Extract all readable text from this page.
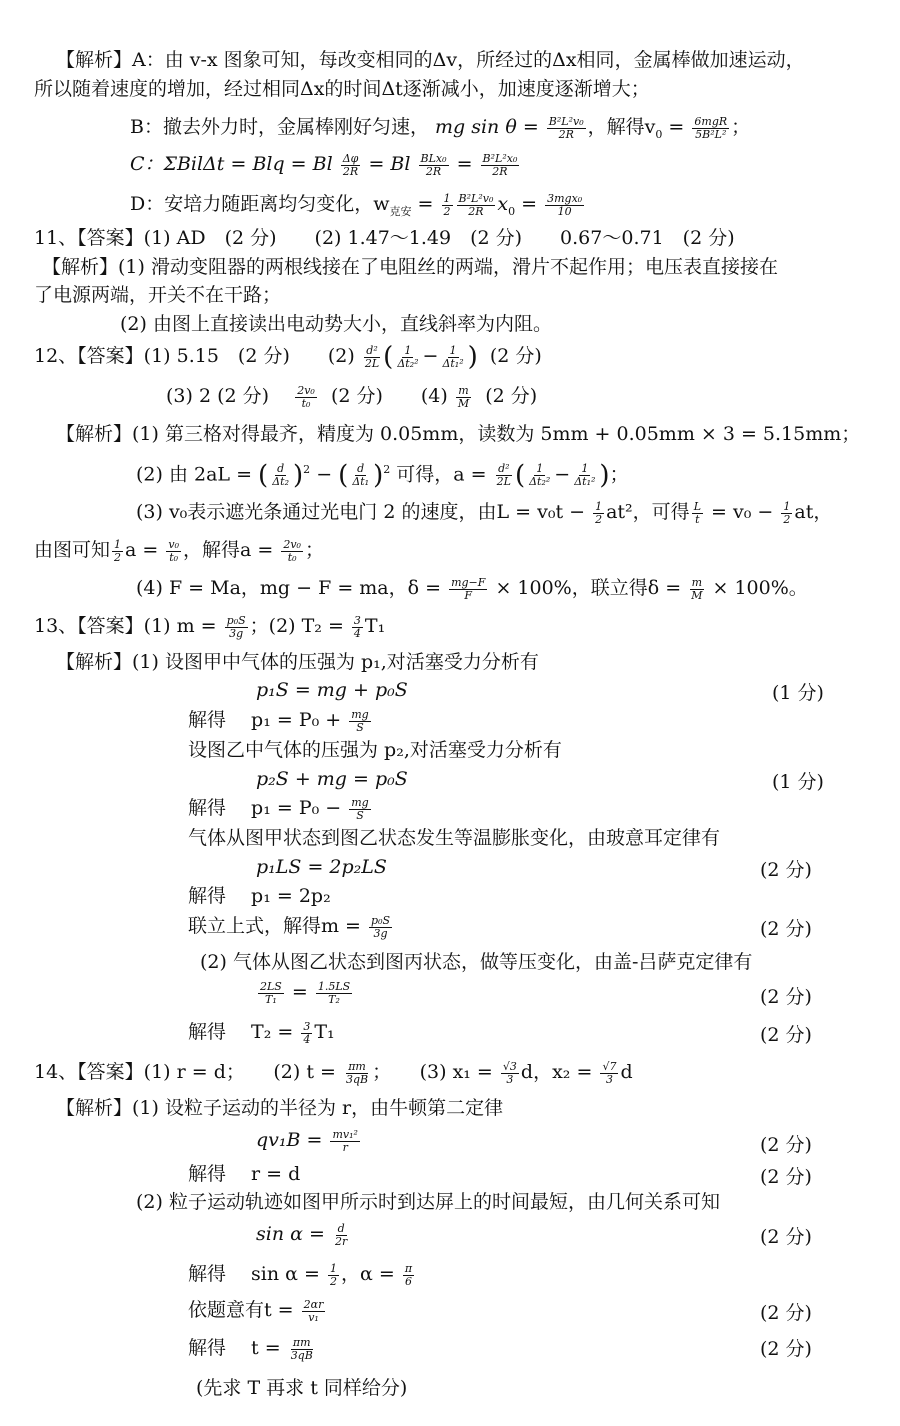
【解析】A：由 v-x 图象可知，每改变相同的Δv，所经过的Δx相同，金属棒做加速运动，
所以随着速度的增加，经过相同Δx的时间Δt逐渐减小，加速度逐渐增大；
B：撤去外力时，金属棒刚好匀速， mg $\sin \theta = \frac{\text{B²L²v₀}}{2R}$ ，解得$v_0 = \frac{\text{6mgR}}{\text{5B²L²}}$ ；
C：ΣBilΔt = Blq = Bl $\frac{\Delta\varphi}{2R} = Bl \frac{\text{BLx₀}}{2R} = \frac{\text{B²L²x₀}}{2R}$
D：安培力随距离均匀变化，$w_{克安} = \frac{1}{2} \frac{\text{B²L²v₀}}{2R} x_0 = \frac{\text{3mgx₀}}{10}$
11、【答案】(1) AD　(2 分)　　(2) 1.47～1.49　(2 分)　　0.67～0.71　(2 分)
【解析】(1) 滑动变阻器的两根线接在了电阻丝的两端，滑片不起作用；电压表直接接在
了电源两端，开关不在干路；
(2) 由图上直接读出电动势大小，直线斜率为内阻。
12、【答案】(1) 5.15　(2 分)　　$(2) \frac{\text{d²}}{2L}$ ( $\frac{1}{\text{Δt₂²}} - \frac{1}{\text{Δt₁²}}$ ) (2 分)
(3) 2 (2 分) $\frac{\text{2v₀}}{\text{t₀}} (2$ 分)　　$(4) \frac{m}{M} (2$ 分)
【解析】(1) 第三格对得最齐，精度为 0.05mm，读数为 5mm + 0.05mm × 3 = 5.15mm；
(2) 由 2aL = ( $\frac{d}{\text{Δt₂}} )^2$ − ( $\frac{d}{\text{Δt₁}} )^2$ 可得，$a = \frac{\text{d²}}{2L}$ ( $\frac{1}{\text{Δt₂²}} - \frac{1}{\text{Δt₁²}}$ )；
(3) v₀表示遮光条通过光电门 2 的速度，由$L = v_0t - \frac{1}{2} at^2$，可得 $\frac{L}{t} = v_0 - \frac{1}{2}$ at，
由图可知 $\frac{1}{2}$ $a = \frac{\text{v₀}}{\text{t₀}}$ ，解得$a = \frac{\text{2v₀}}{\text{t₀}}$ ；
(4) F = Ma，mg − F = ma，$\delta = \frac{mg-F}{F} \times 100\%$，联立得$\delta = \frac{m}{M} \times 100\%$。
13、【答案】(1) $m = \frac{\text{p₀S}}{3g}$ ；(2) $T_2 = \frac{3}{4} T_1$
【解析】(1) 设图甲中气体的压强为 p₁,对活塞受力分析有
p₁S = mg + p₀S	(1 分)
解得　 $p_1 = P_0 + \frac{mg}{S}$
设图乙中气体的压强为 p₂,对活塞受力分析有
p₂S + mg = p₀S	(1 分)
解得　 $p_1 = P_0 - \frac{mg}{S}$
气体从图甲状态到图乙状态发生等温膨胀变化，由玻意耳定律有
p₁LS = 2p₂LS	(2 分)
解得　 p₁ = 2p₂
联立上式，解得$m = \frac{\text{p₀S}}{3g}$	(2 分)
(2) 气体从图乙状态到图丙状态，做等压变化，由盖-吕萨克定律有
$\frac{2LS}{\text{T₁}} = \frac{1.5LS}{\text{T₂}}$	(2 分)
解得　 $T_2 = \frac{3}{4} T_1$	(2 分)
14、【答案】(1) r = d；　　(2) $t = \frac{\pi m}{3qB}$ ；　　(3) $x_1 = \frac{√3}{3}$ d，$x_2 = \frac{√7}{3}$ d
【解析】(1) 设粒子运动的半径为 r，由牛顿第二定律
$qv_1B = \frac{\text{mv₁²}}{r}$	(2 分)
解得　 r = d	(2 分)
(2) 粒子运动轨迹如图甲所示时到达屏上的时间最短，由几何关系可知
$\sin \alpha = \frac{d}{2r}$	(2 分)
解得　 $\sin \alpha = \frac{1}{2}$ ，$\alpha = \frac{\pi}{6}$
依题意有$t = \frac{2\alpha r}{\text{v₁}}$	(2 分)
解得　 $t = \frac{\pi m}{3qB}$	(2 分)
(先求 T 再求 t 同样给分)
